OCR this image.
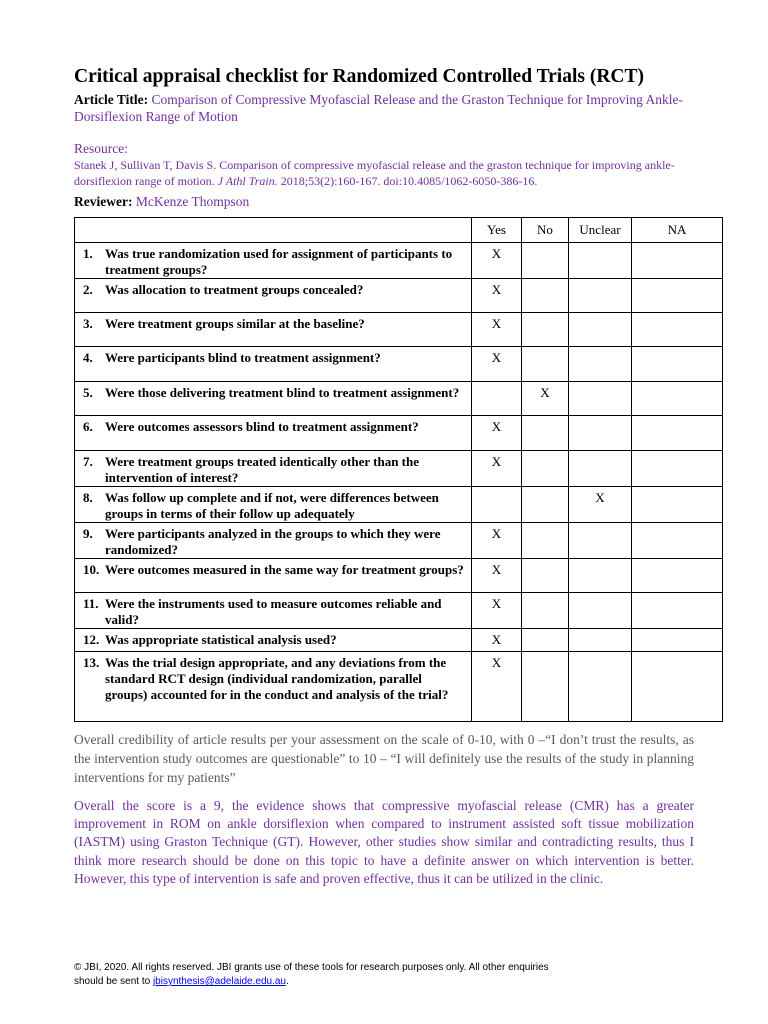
Critical appraisal checklist for Randomized Controlled Trials (RCT)
Article Title: Comparison of Compressive Myofascial Release and the Graston Technique for Improving Ankle-Dorsiflexion Range of Motion
Resource:
Stanek J, Sullivan T, Davis S. Comparison of compressive myofascial release and the graston technique for improving ankle-dorsiflexion range of motion. J Athl Train. 2018;53(2):160-167. doi:10.4085/1062-6050-386-16.
Reviewer: McKenze Thompson
	Yes	No	Unclear	NA

1. Was true randomization used for assignment of participants to treatment groups?	X			

2. Was allocation to treatment groups concealed?	X			

3. Were treatment groups similar at the baseline?	X			

4. Were participants blind to treatment assignment?	X			

5. Were those delivering treatment blind to treatment assignment?		X		

6. Were outcomes assessors blind to treatment assignment?	X			

7. Were treatment groups treated identically other than the intervention of interest?	X			

8. Was follow up complete and if not, were differences between groups in terms of their follow up adequately			X	

9. Were participants analyzed in the groups to which they were randomized?	X			

10. Were outcomes measured in the same way for treatment groups?	X			

11. Were the instruments used to measure outcomes reliable and valid?	X			

12. Was appropriate statistical analysis used?	X			

13. Was the trial design appropriate, and any deviations from the standard RCT design (individual randomization, parallel groups) accounted for in the conduct and analysis of the trial?	X			
Overall credibility of article results per your assessment on the scale of 0-10, with 0 –“I don’t trust the results, as the intervention study outcomes are questionable” to 10 – “I will definitely use the results of the study in planning interventions for my patients”
Overall the score is a 9, the evidence shows that compressive myofascial release (CMR) has a greater improvement in ROM on ankle dorsiflexion when compared to instrument assisted soft tissue mobilization (IASTM) using Graston Technique (GT). However, other studies show similar and contradicting results, thus I think more research should be done on this topic to have a definite answer on which intervention is better. However, this type of intervention is safe and proven effective, thus it can be utilized in the clinic.
© JBI, 2020. All rights reserved. JBI grants use of these tools for research purposes only. All other enquiries
should be sent to jbisynthesis@adelaide.edu.au.
